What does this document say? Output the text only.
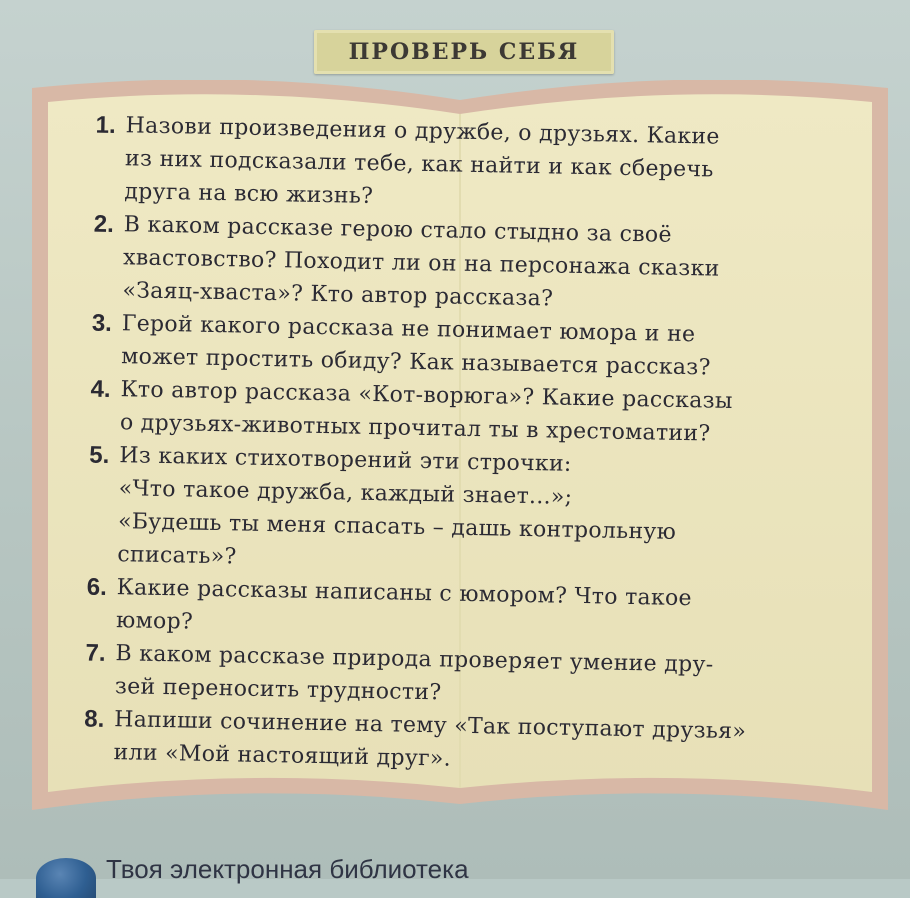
ПРОВЕРЬ СЕБЯ
1. Назови произведения о дружбе, о друзьях. Какие
из них подсказали тебе, как найти и как сберечь
друга на всю жизнь?
2. В каком рассказе герою стало стыдно за своё
хвастовство? Походит ли он на персонажа сказки
«Заяц-хваста»? Кто автор рассказа?
3. Герой какого рассказа не понимает юмора и не
может простить обиду? Как называется рассказ?
4. Кто автор рассказа «Кот-ворюга»? Какие рассказы
о друзьях-животных прочитал ты в хрестоматии?
5. Из каких стихотворений эти строчки:
«Что такое дружба, каждый знает...»;
«Будешь ты меня спасать – дашь контрольную
списать»?
6. Какие рассказы написаны с юмором? Что такое
юмор?
7. В каком рассказе природа проверяет умение дру-
зей переносить трудности?
8. Напиши сочинение на тему «Так поступают друзья»
или «Мой настоящий друг».
Твоя электронная библиотека
